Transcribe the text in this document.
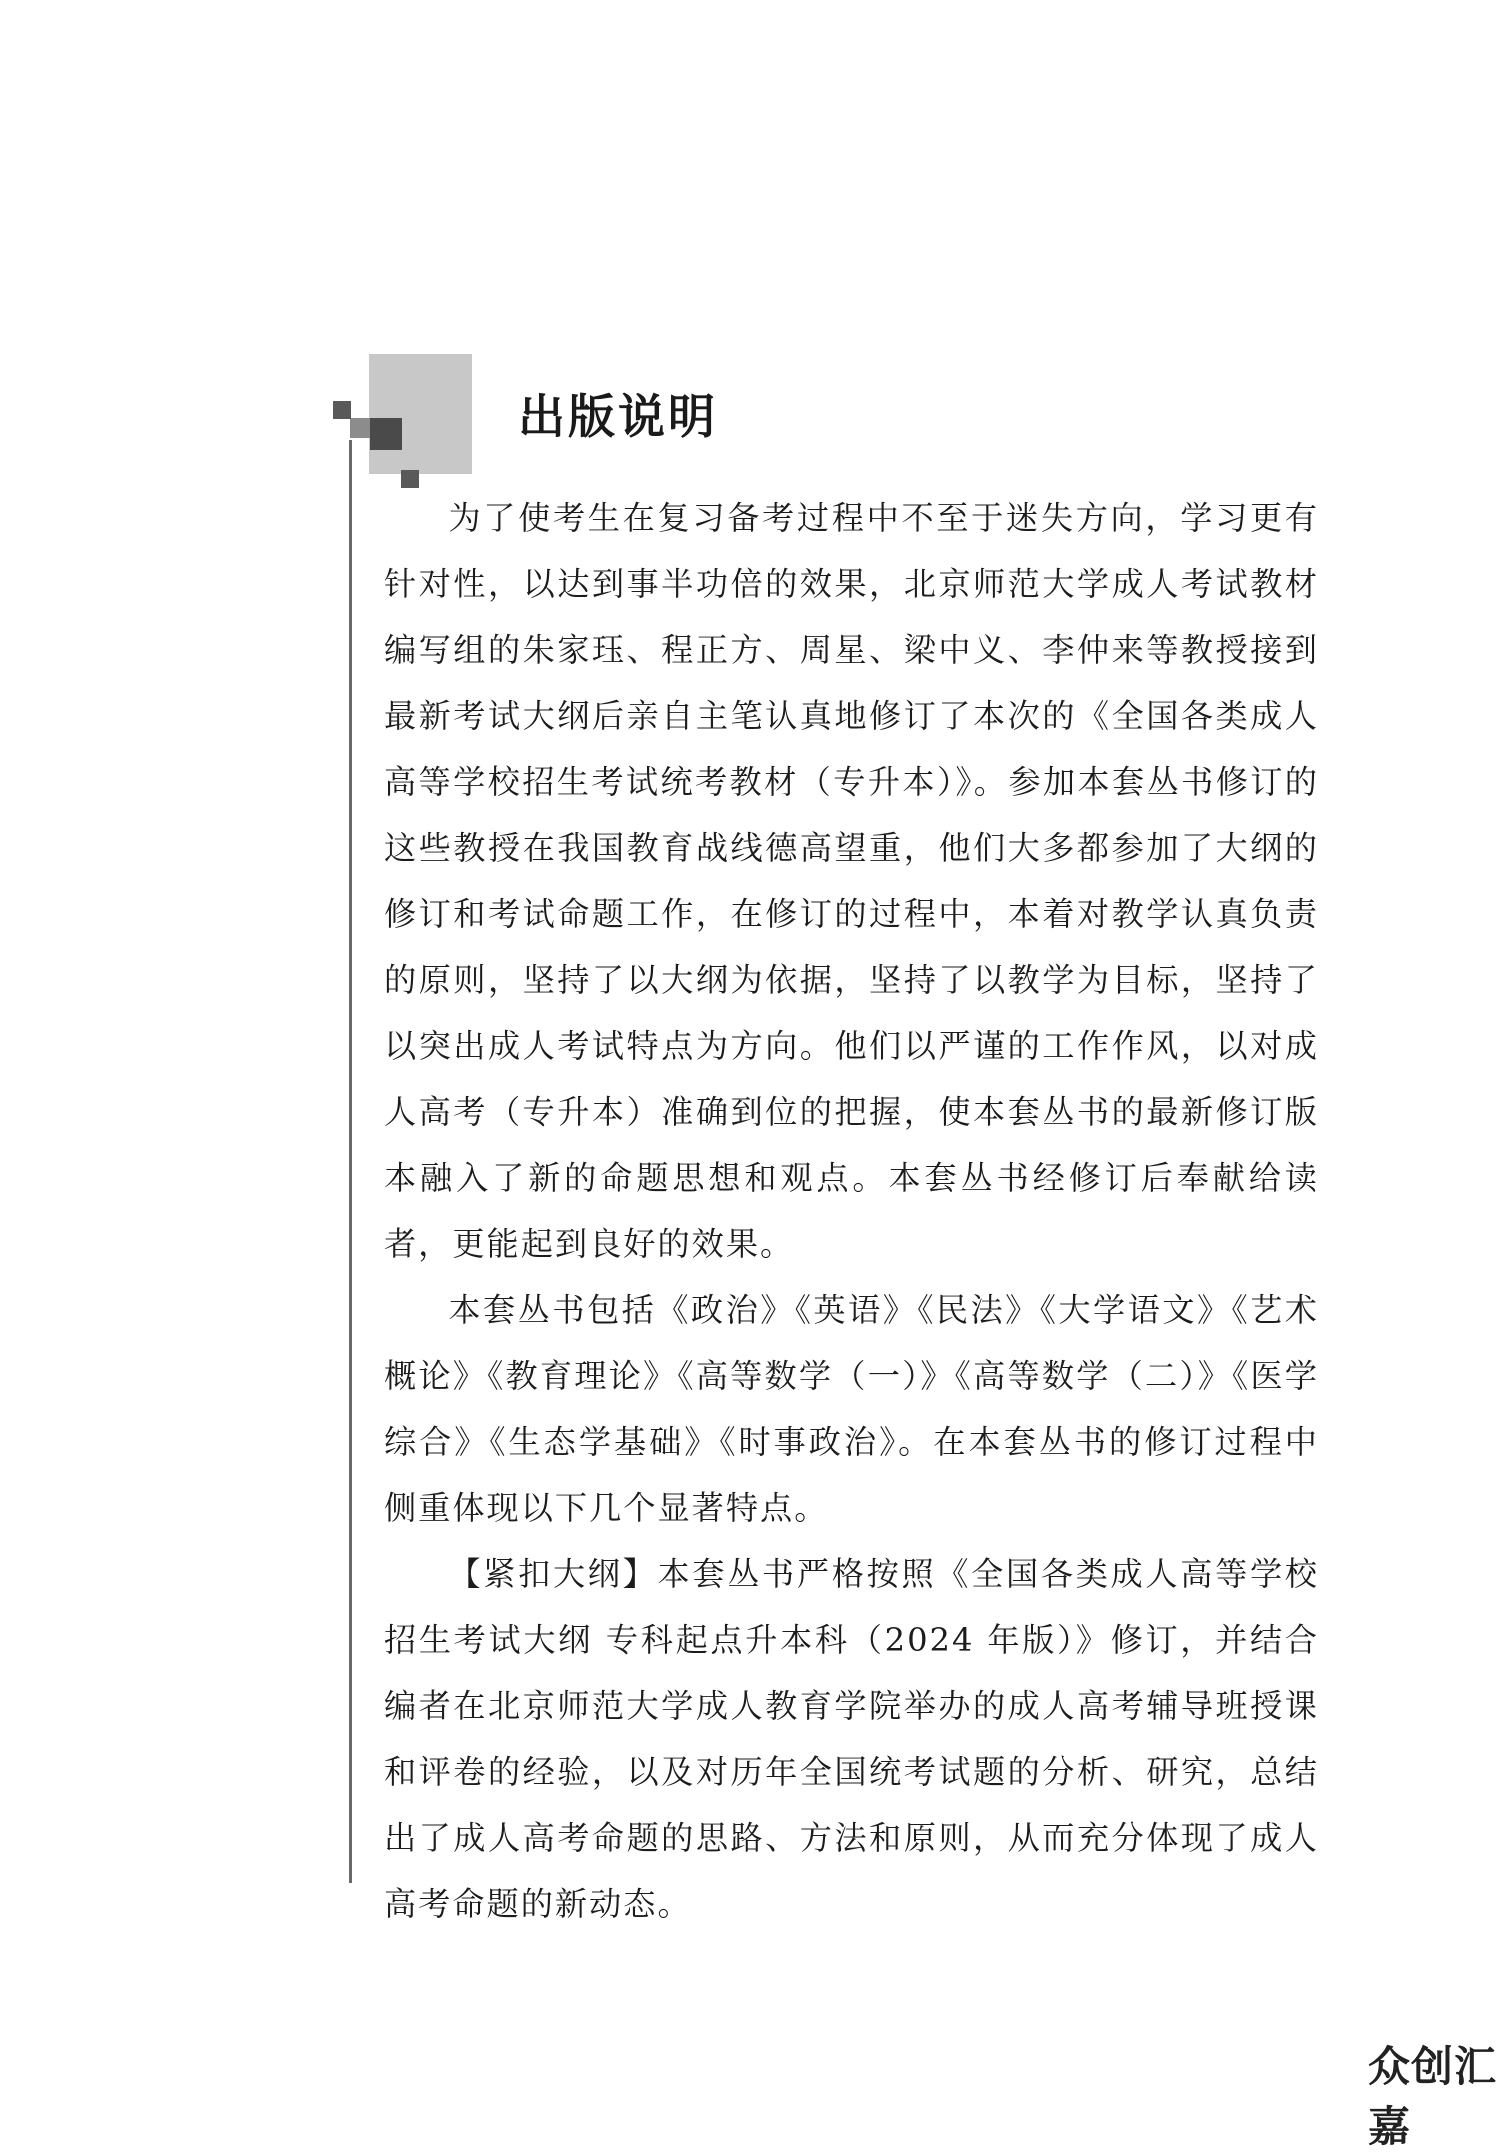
出版说明

为了使考生在复习备考过程中不至于迷失方向，学习更有针对性，以达到事半功倍的效果，北京师范大学成人考试教材编写组的朱家珏、程正方、周星、梁中义、李仲来等教授接到最新考试大纲后亲自主笔认真地修订了本次的《全国各类成人高等学校招生考试统考教材（专升本）》。参加本套丛书修订的这些教授在我国教育战线德高望重，他们大多都参加了大纲的修订和考试命题工作，在修订的过程中，本着对教学认真负责的原则，坚持了以大纲为依据，坚持了以教学为目标，坚持了以突出成人考试特点为方向。他们以严谨的工作作风，以对成人高考（专升本）准确到位的把握，使本套丛书的最新修订版本融入了新的命题思想和观点。本套丛书经修订后奉献给读者，更能起到良好的效果。

本套丛书包括《政治》《英语》《民法》《大学语文》《艺术概论》《教育理论》《高等数学（一）》《高等数学（二）》《医学综合》《生态学基础》《时事政治》。在本套丛书的修订过程中侧重体现以下几个显著特点。

【紧扣大纲】本套丛书严格按照《全国各类成人高等学校招生考试大纲 专科起点升本科（2024 年版）》修订，并结合编者在北京师范大学成人教育学院举办的成人高考辅导班授课和评卷的经验，以及对历年全国统考试题的分析、研究，总结出了成人高考命题的思路、方法和原则，从而充分体现了成人高考命题的新动态。

众创汇嘉
